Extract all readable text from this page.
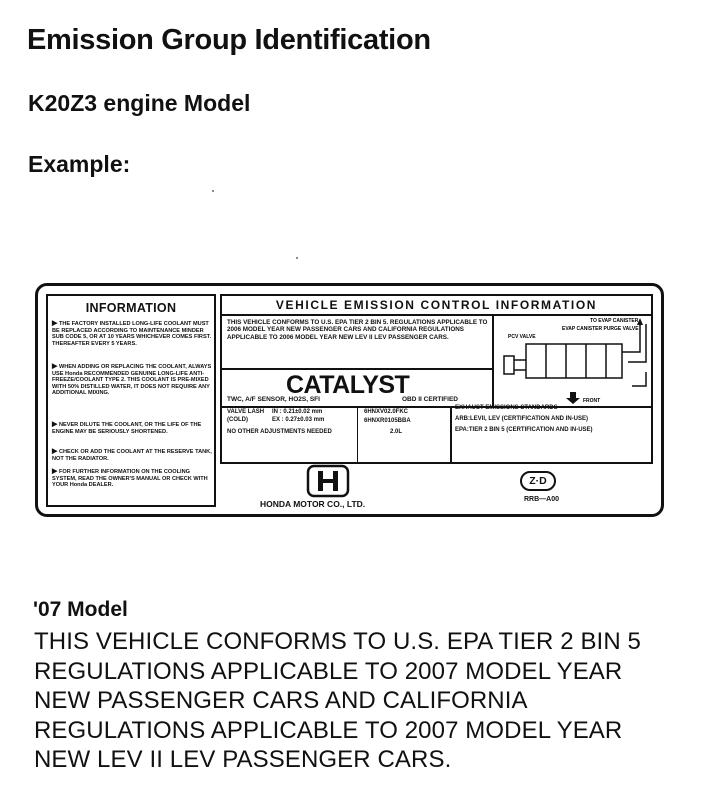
Emission Group Identification
K20Z3 engine Model
Example:
INFORMATION
▶ THE FACTORY INSTALLED LONG-LIFE COOLANT MUST BE REPLACED ACCORDING TO MAINTENANCE MINDER SUB CODE 5, OR AT 10 YEARS WHICHEVER COMES FIRST. THEREAFTER EVERY 5 YEARS.
▶ WHEN ADDING OR REPLACING THE COOLANT, ALWAYS USE Honda RECOMMENDED GENUINE LONG-LIFE ANTI-FREEZE/COOLANT TYPE 2. THIS COOLANT IS PRE-MIXED WITH 50% DISTILLED WATER, IT DOES NOT REQUIRE ANY ADDITIONAL MIXING.
▶ NEVER DILUTE THE COOLANT, OR THE LIFE OF THE ENGINE MAY BE SERIOUSLY SHORTENED.
▶ CHECK OR ADD THE COOLANT AT THE RESERVE TANK, NOT THE RADIATOR.
▶ FOR FURTHER INFORMATION ON THE COOLING SYSTEM, READ THE OWNER'S MANUAL OR CHECK WITH YOUR Honda DEALER.
VEHICLE EMISSION CONTROL INFORMATION
THIS VEHICLE CONFORMS TO U.S. EPA TIER 2 BIN 5. REGULATIONS APPLICABLE TO 2006 MODEL YEAR NEW PASSENGER CARS AND CALIFORNIA REGULATIONS APPLICABLE TO 2006 MODEL YEAR NEW LEV II LEV PASSENGER CARS.
CATALYST
TWC, A/F SENSOR, HO2S, SFI	OBD II CERTIFIED
VALVE LASH
(COLD)
IN : 0.21±0.02 mm
EX : 0.27±0.03 mm
NO OTHER ADJUSTMENTS NEEDED
6HNXV02.0FKC
6HNXR0105BBA
2.0L
EXHAUST EMISSIONS STANDARDS
ARB:LEVII, LEV (CERTIFICATION AND IN-USE)
EPA:TIER 2 BIN 5 (CERTIFICATION AND IN-USE)
TO EVAP CANISTER
EVAP CANISTER PURGE VALVE
PCV VALVE
FRONT
HONDA MOTOR CO., LTD.
Z·D
RRB—A00
'07 Model
THIS VEHICLE CONFORMS TO U.S. EPA TIER 2 BIN 5
REGULATIONS APPLICABLE TO 2007 MODEL YEAR
NEW PASSENGER CARS AND CALIFORNIA
REGULATIONS APPLICABLE TO 2007 MODEL YEAR
NEW LEV II LEV PASSENGER CARS.
